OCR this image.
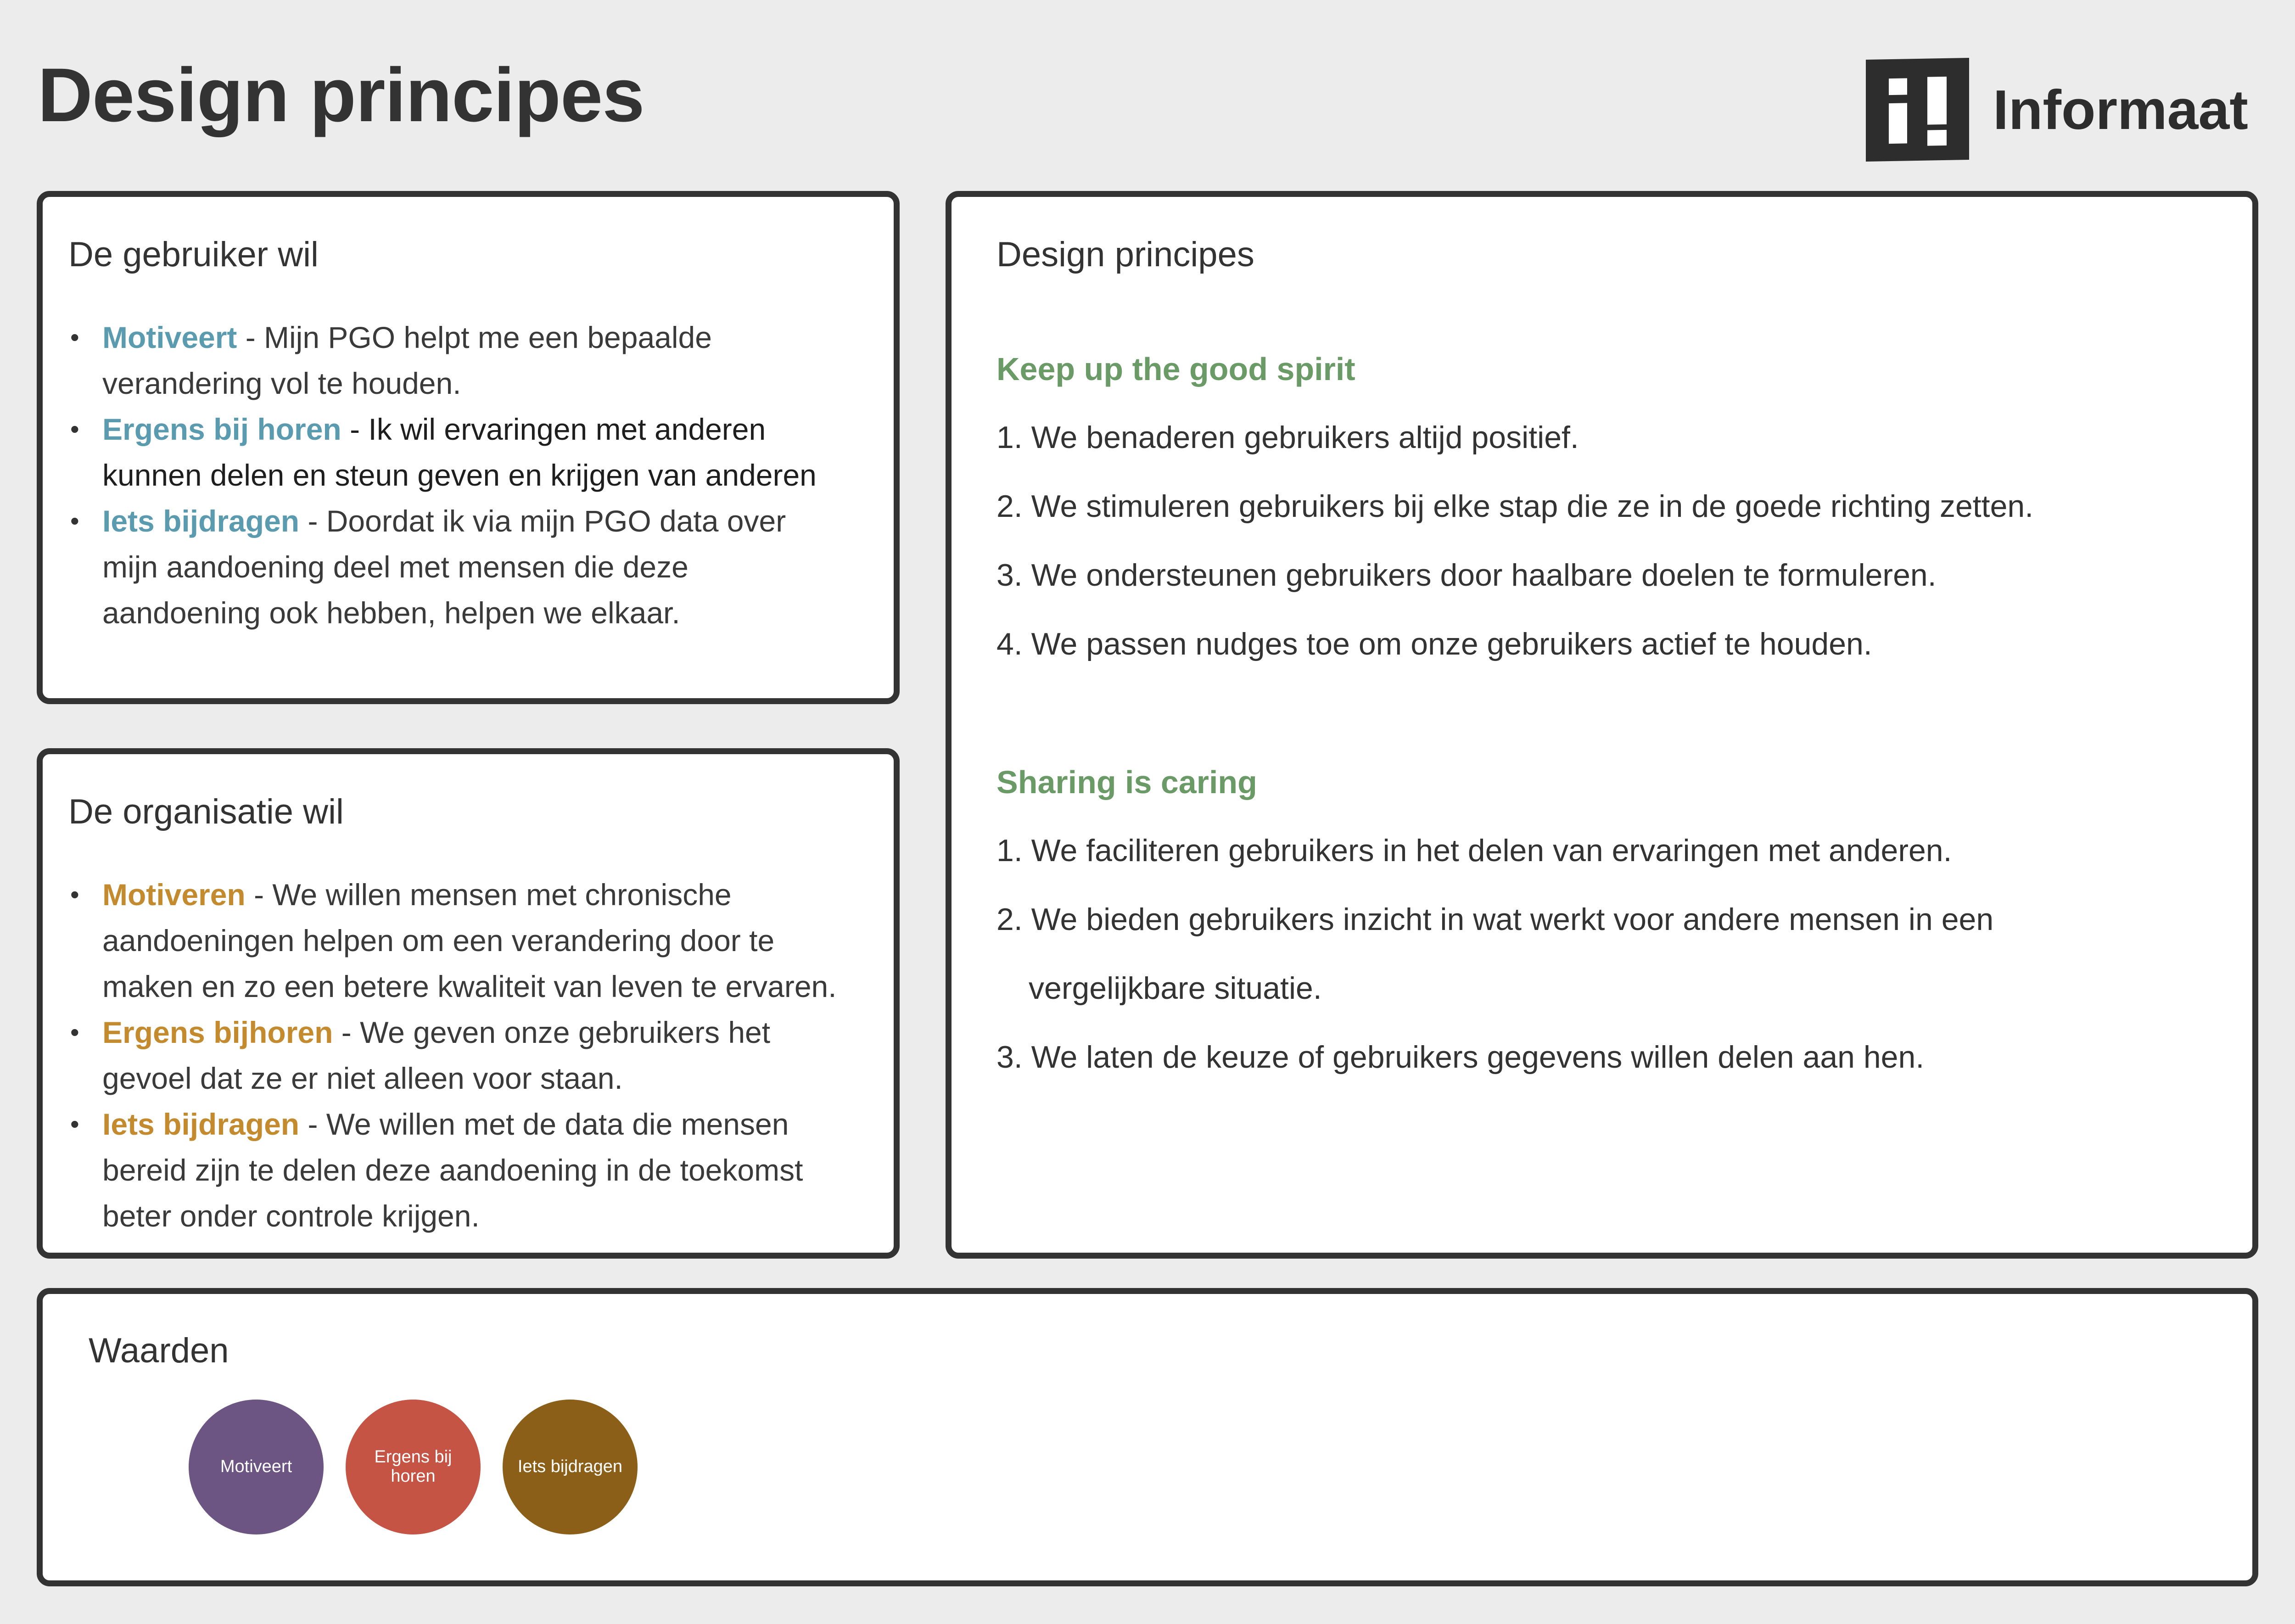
Design principes	Informaat
De gebruiker wil
• Motiveert - Mijn PGO helpt me een bepaalde
verandering vol te houden.
• Ergens bij horen - Ik wil ervaringen met anderen
kunnen delen en steun geven en krijgen van anderen
• Iets bijdragen - Doordat ik via mijn PGO data over
mijn aandoening deel met mensen die deze
aandoening ook hebben, helpen we elkaar.
De organisatie wil
• Motiveren - We willen mensen met chronische
aandoeningen helpen om een verandering door te
maken en zo een betere kwaliteit van leven te ervaren.
• Ergens bijhoren - We geven onze gebruikers het
gevoel dat ze er niet alleen voor staan.
• Iets bijdragen - We willen met de data die mensen
bereid zijn te delen deze aandoening in de toekomst
beter onder controle krijgen.
Design principes
Keep up the good spirit
1. We benaderen gebruikers altijd positief.
2. We stimuleren gebruikers bij elke stap die ze in de goede richting zetten.
3. We ondersteunen gebruikers door haalbare doelen te formuleren.
4. We passen nudges toe om onze gebruikers actief te houden.
Sharing is caring
1. We faciliteren gebruikers in het delen van ervaringen met anderen.
2. We bieden gebruikers inzicht in wat werkt voor andere mensen in een
vergelijkbare situatie.
3. We laten de keuze of gebruikers gegevens willen delen aan hen.
Waarden
Motiveert	Ergens bij horen	Iets bijdragen
